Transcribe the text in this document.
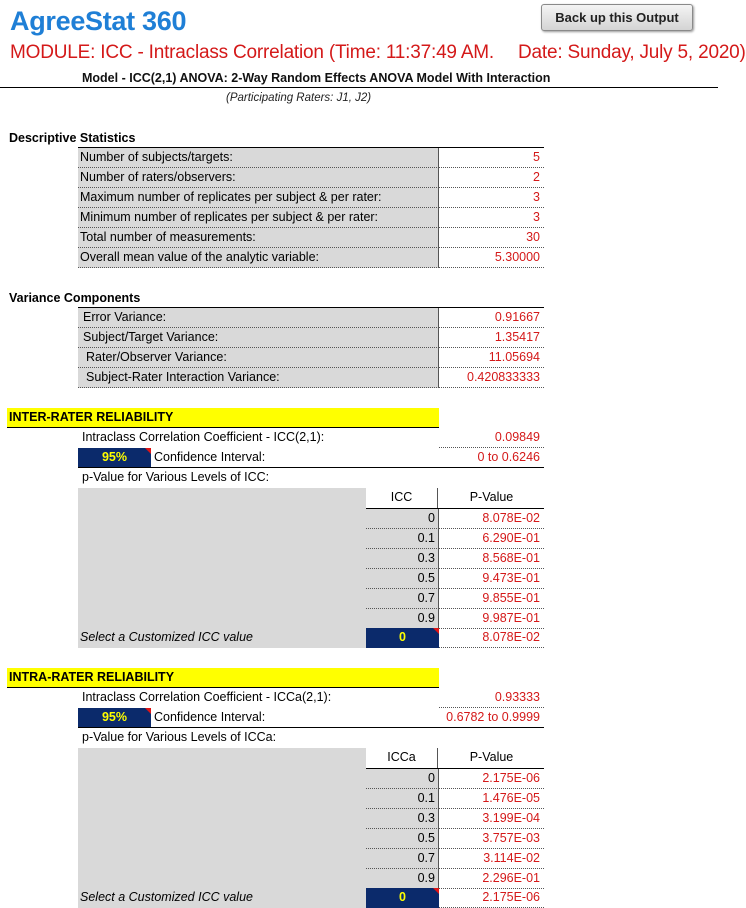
AgreeStat 360	Back up this Output
MODULE: ICC - Intraclass Correlation (Time: 11:37:49 AM. Date: Sunday, July 5, 2020)
Model - ICC(2,1) ANOVA: 2-Way Random Effects ANOVA Model With Interaction
(Participating Raters: J1, J2)
Descriptive Statistics
Number of subjects/targets:	5
Number of raters/observers:	2
Maximum number of replicates per subject & per rater:	3
Minimum number of replicates per subject & per rater:	3
Total number of measurements:	30
Overall mean value of the analytic variable:	5.30000
Variance Components
Error Variance:	0.91667
Subject/Target Variance:	1.35417
Rater/Observer Variance:	11.05694
Subject-Rater Interaction Variance:	0.420833333
INTER-RATER RELIABILITY
Intraclass Correlation Coefficient - ICC(2,1):	0.09849
95%	Confidence Interval:	0 to 0.6246
p-Value for Various Levels of ICC:
ICC	P-Value
0	8.078E-02
0.1	6.290E-01
0.3	8.568E-01
0.5	9.473E-01
0.7	9.855E-01
0.9	9.987E-01
Select a Customized ICC value	0	8.078E-02
INTRA-RATER RELIABILITY
Intraclass Correlation Coefficient - ICCa(2,1):	0.93333
95%	Confidence Interval:	0.6782 to 0.9999
p-Value for Various Levels of ICCa:
ICCa	P-Value
0	2.175E-06
0.1	1.476E-05
0.3	3.199E-04
0.5	3.757E-03
0.7	3.114E-02
0.9	2.296E-01
Select a Customized ICC value	0	2.175E-06
